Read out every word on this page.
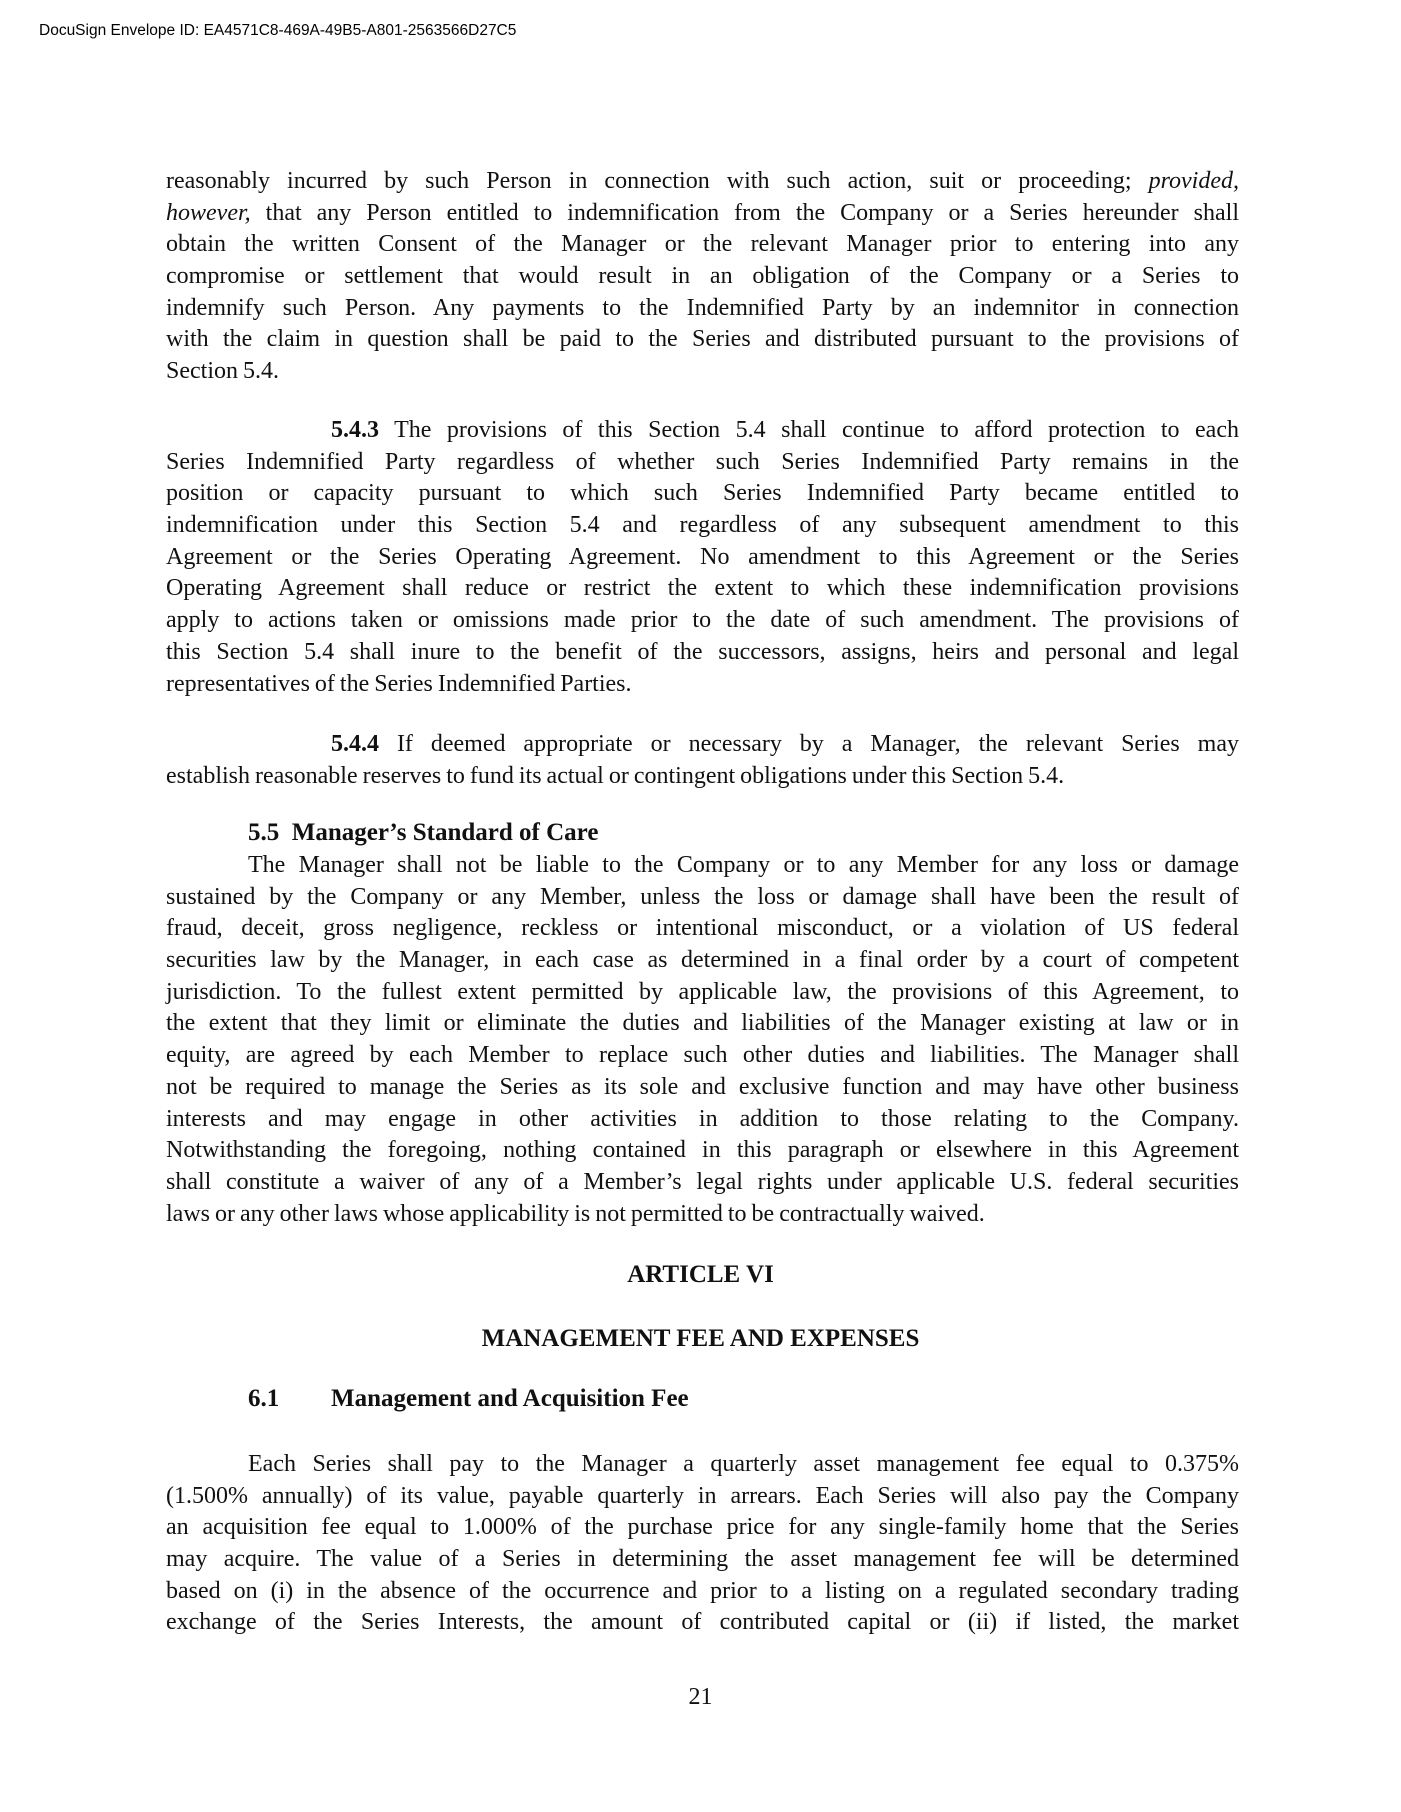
DocuSign Envelope ID: EA4571C8-469A-49B5-A801-2563566D27C5
reasonably incurred by such Person in connection with such action, suit or proceeding; provided,
however, that any Person entitled to indemnification from the Company or a Series hereunder shall
obtain the written Consent of the Manager or the relevant Manager prior to entering into any
compromise or settlement that would result in an obligation of the Company or a Series to
indemnify such Person. Any payments to the Indemnified Party by an indemnitor in connection
with the claim in question shall be paid to the Series and distributed pursuant to the provisions of
Section 5.4.
5.4.3 The provisions of this Section 5.4 shall continue to afford protection to each
Series Indemnified Party regardless of whether such Series Indemnified Party remains in the
position or capacity pursuant to which such Series Indemnified Party became entitled to
indemnification under this Section 5.4 and regardless of any subsequent amendment to this
Agreement or the Series Operating Agreement. No amendment to this Agreement or the Series
Operating Agreement shall reduce or restrict the extent to which these indemnification provisions
apply to actions taken or omissions made prior to the date of such amendment. The provisions of
this Section 5.4 shall inure to the benefit of the successors, assigns, heirs and personal and legal
representatives of the Series Indemnified Parties.
5.4.4 If deemed appropriate or necessary by a Manager, the relevant Series may
establish reasonable reserves to fund its actual or contingent obligations under this Section 5.4.
The Manager shall not be liable to the Company or to any Member for any loss or damage
sustained by the Company or any Member, unless the loss or damage shall have been the result of
fraud, deceit, gross negligence, reckless or intentional misconduct, or a violation of US federal
securities law by the Manager, in each case as determined in a final order by a court of competent
jurisdiction. To the fullest extent permitted by applicable law, the provisions of this Agreement, to
the extent that they limit or eliminate the duties and liabilities of the Manager existing at law or in
equity, are agreed by each Member to replace such other duties and liabilities. The Manager shall
not be required to manage the Series as its sole and exclusive function and may have other business
interests and may engage in other activities in addition to those relating to the Company.
Notwithstanding the foregoing, nothing contained in this paragraph or elsewhere in this Agreement
shall constitute a waiver of any of a Member’s legal rights under applicable U.S. federal securities
laws or any other laws whose applicability is not permitted to be contractually waived.
Each Series shall pay to the Manager a quarterly asset management fee equal to 0.375%
(1.500% annually) of its value, payable quarterly in arrears. Each Series will also pay the Company
an acquisition fee equal to 1.000% of the purchase price for any single-family home that the Series
may acquire. The value of a Series in determining the asset management fee will be determined
based on (i) in the absence of the occurrence and prior to a listing on a regulated secondary trading
exchange of the Series Interests, the amount of contributed capital or (ii) if listed, the market
5.5 Manager’s Standard of Care
ARTICLE VI
MANAGEMENT FEE AND EXPENSES
6.1 Management and Acquisition Fee
21
